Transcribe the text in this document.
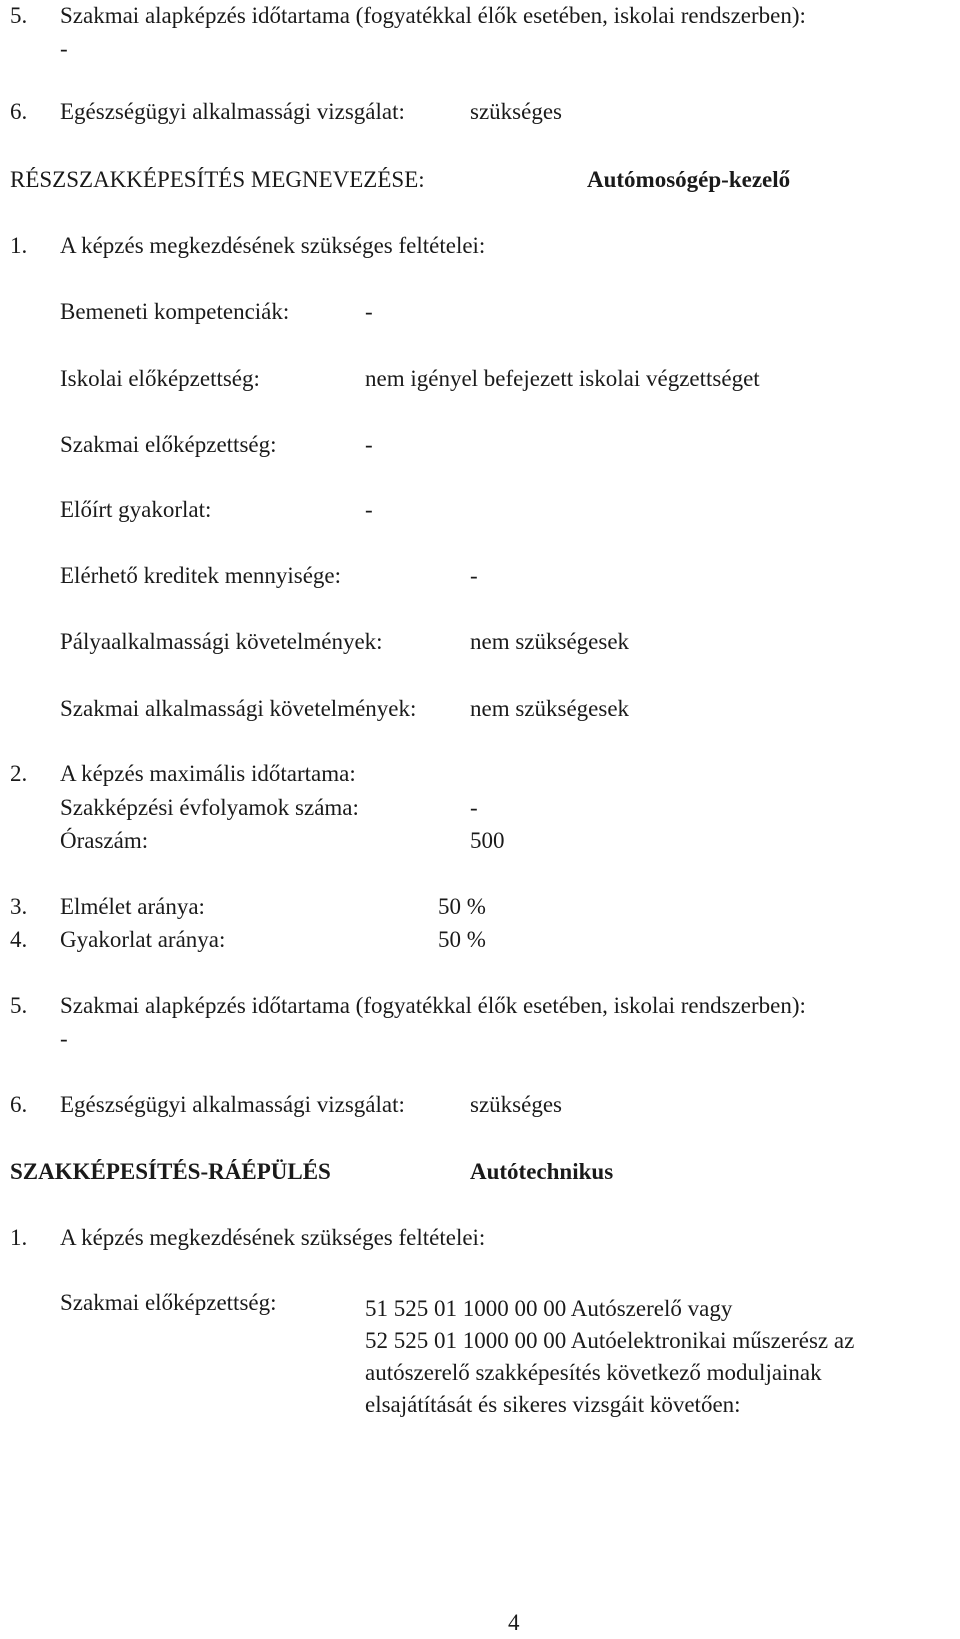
5. Szakmai alapképzés időtartama (fogyatékkal élők esetében, iskolai rendszerben):
-
6. Egészségügyi alkalmassági vizsgálat:	szükséges
RÉSZSZAKKÉPESÍTÉS MEGNEVEZÉSE:	Autómosógép-kezelő
1. A képzés megkezdésének szükséges feltételei:
Bemeneti kompetenciák:	-
Iskolai előképzettség:	nem igényel befejezett iskolai végzettséget
Szakmai előképzettség:	-
Előírt gyakorlat:	-
Elérhető kreditek mennyisége:	-
Pályaalkalmassági követelmények:	nem szükségesek
Szakmai alkalmassági követelmények: nem szükségesek
2. A képzés maximális időtartama:
Szakképzési évfolyamok száma:	-
Óraszám:	500
3. Elmélet aránya:	50 %
4. Gyakorlat aránya:	50 %
5. Szakmai alapképzés időtartama (fogyatékkal élők esetében, iskolai rendszerben):
-
6. Egészségügyi alkalmassági vizsgálat:	szükséges
SZAKKÉPESÍTÉS-RÁÉPÜLÉS	Autótechnikus
1. A képzés megkezdésének szükséges feltételei:
Szakmai előképzettség:	51 525 01 1000 00 00 Autószerelő vagy
52 525 01 1000 00 00 Autóelektronikai műszerész az
autószerelő szakképesítés következő moduljainak
elsajátítását és sikeres vizsgáit követően:
4
